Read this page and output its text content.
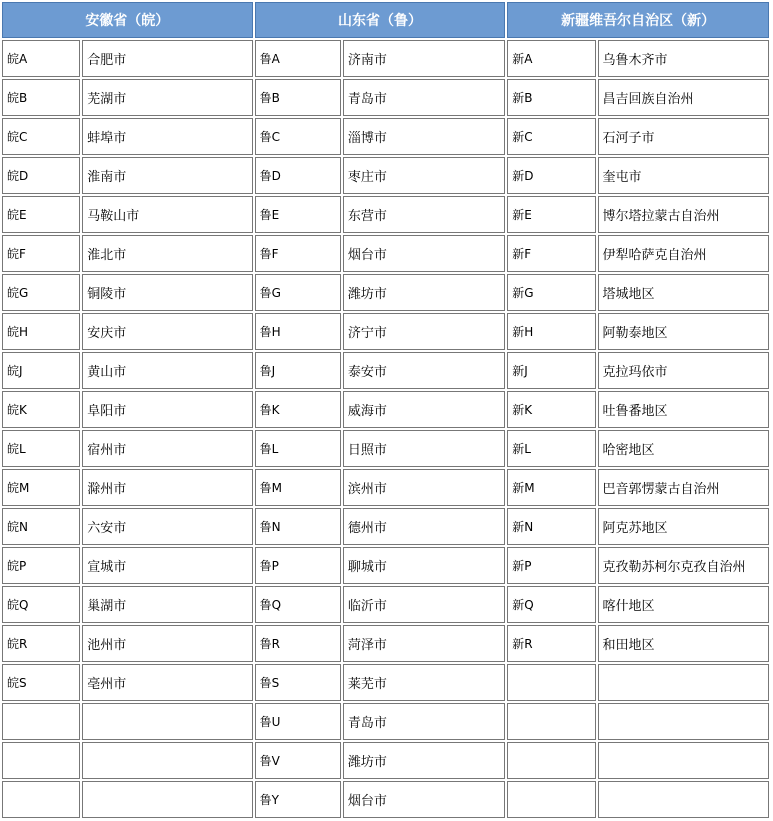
安徽省（皖）		山东省（鲁）		新疆维吾尔自治区（新）	
皖A	合肥市	鲁A	济南市	新A	乌鲁木齐市
皖B	芜湖市	鲁B	青岛市	新B	昌吉回族自治州
皖C	蚌埠市	鲁C	淄博市	新C	石河子市
皖D	淮南市	鲁D	枣庄市	新D	奎屯市
皖E	马鞍山市	鲁E	东营市	新E	博尔塔拉蒙古自治州
皖F	淮北市	鲁F	烟台市	新F	伊犁哈萨克自治州
皖G	铜陵市	鲁G	潍坊市	新G	塔城地区
皖H	安庆市	鲁H	济宁市	新H	阿勒泰地区
皖J	黄山市	鲁J	泰安市	新J	克拉玛依市
皖K	阜阳市	鲁K	威海市	新K	吐鲁番地区
皖L	宿州市	鲁L	日照市	新L	哈密地区
皖M	滁州市	鲁M	滨州市	新M	巴音郭愣蒙古自治州
皖N	六安市	鲁N	德州市	新N	阿克苏地区
皖P	宣城市	鲁P	聊城市	新P	克孜勒苏柯尔克孜自治州
皖Q	巢湖市	鲁Q	临沂市	新Q	喀什地区
皖R	池州市	鲁R	菏泽市	新R	和田地区
皖S	亳州市	鲁S	莱芜市		
		鲁U	青岛市		
		鲁V	潍坊市		
		鲁Y	烟台市		
